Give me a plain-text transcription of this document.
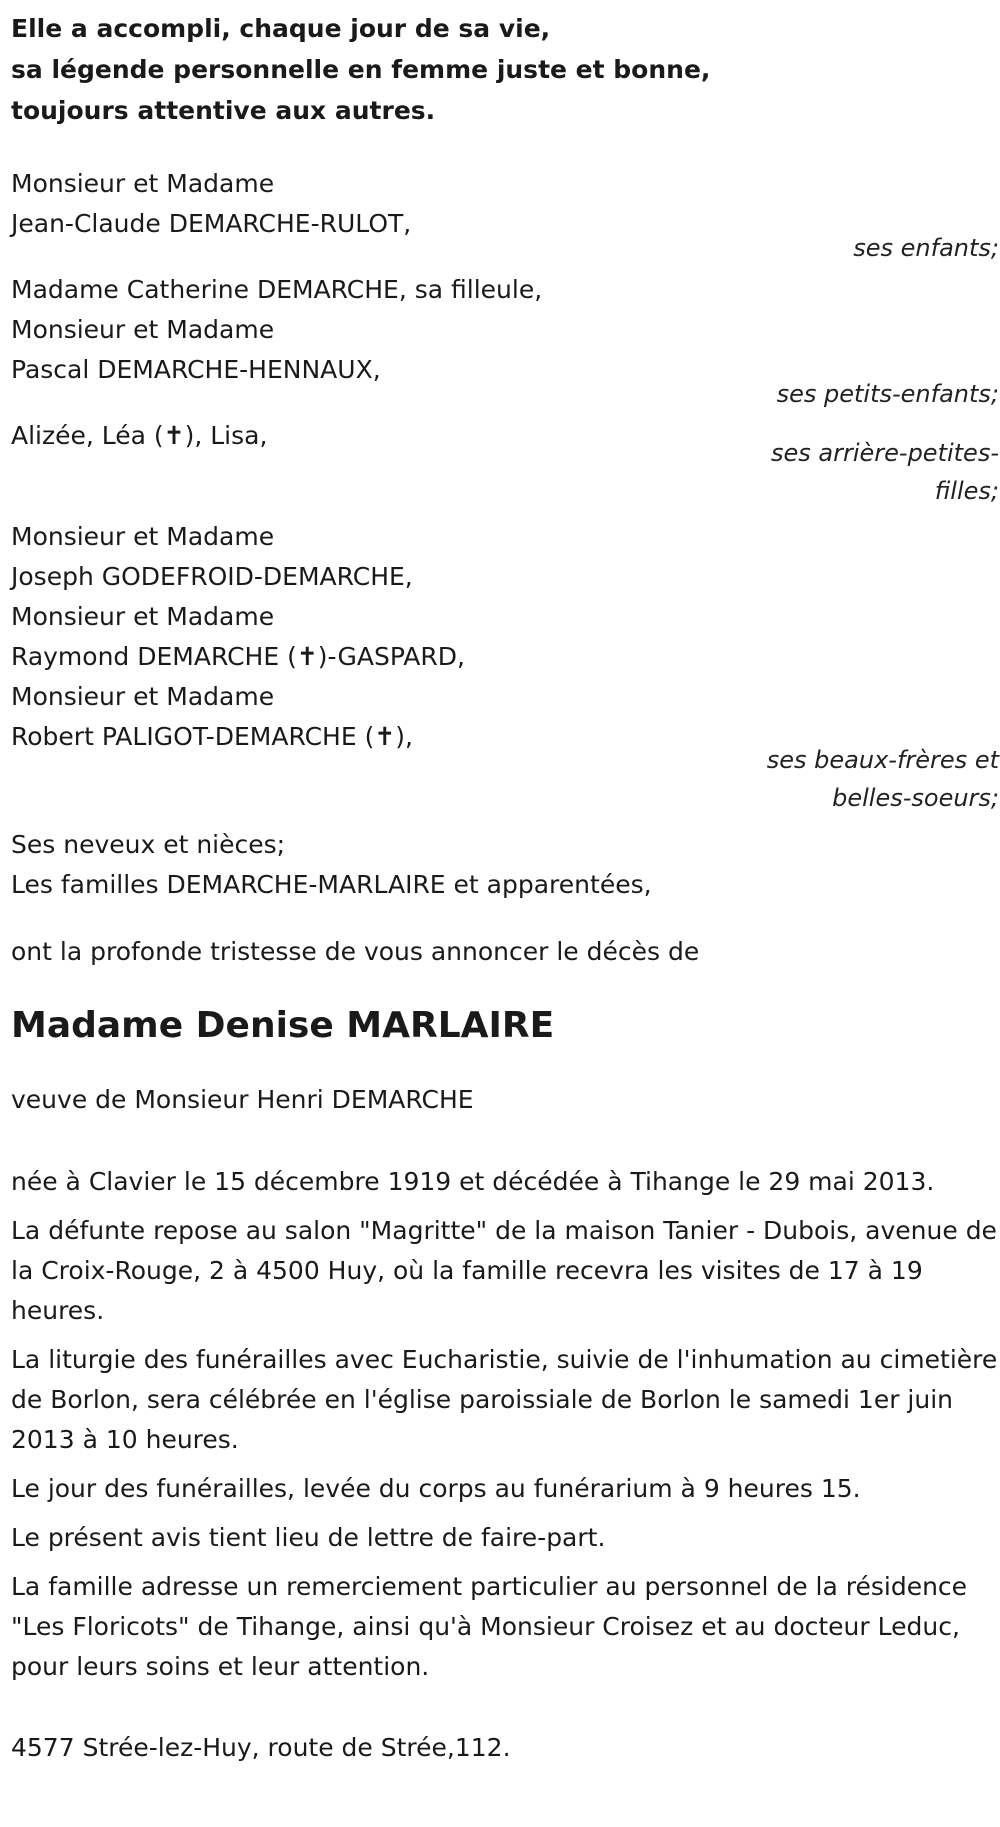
Elle a accompli, chaque jour de sa vie,
sa légende personnelle en femme juste et bonne,
toujours attentive aux autres.
Monsieur et Madame
Jean-Claude DEMARCHE-RULOT,
ses enfants;
Madame Catherine DEMARCHE, sa filleule,
Monsieur et Madame
Pascal DEMARCHE-HENNAUX,
ses petits-enfants;
Alizée, Léa (✝), Lisa,
ses arrière-petites-
filles;
Monsieur et Madame
Joseph GODEFROID-DEMARCHE,
Monsieur et Madame
Raymond DEMARCHE (✝)-GASPARD,
Monsieur et Madame
Robert PALIGOT-DEMARCHE (✝),
ses beaux-frères et
belles-soeurs;
Ses neveux et nièces;
Les familles DEMARCHE-MARLAIRE et apparentées,
ont la profonde tristesse de vous annoncer le décès de
Madame Denise MARLAIRE
veuve de Monsieur Henri DEMARCHE
née à Clavier le 15 décembre 1919 et décédée à Tihange le 29 mai 2013.
La défunte repose au salon "Magritte" de la maison Tanier - Dubois, avenue de la Croix-Rouge, 2 à 4500 Huy, où la famille recevra les visites de 17 à 19 heures.
La liturgie des funérailles avec Eucharistie, suivie de l'inhumation au cimetière de Borlon, sera célébrée en l'église paroissiale de Borlon le samedi 1er juin 2013 à 10 heures.
Le jour des funérailles, levée du corps au funérarium à 9 heures 15.
Le présent avis tient lieu de lettre de faire-part.
La famille adresse un remerciement particulier au personnel de la résidence "Les Floricots" de Tihange, ainsi qu'à Monsieur Croisez et au docteur Leduc, pour leurs soins et leur attention.
4577 Strée-lez-Huy, route de Strée,112.
